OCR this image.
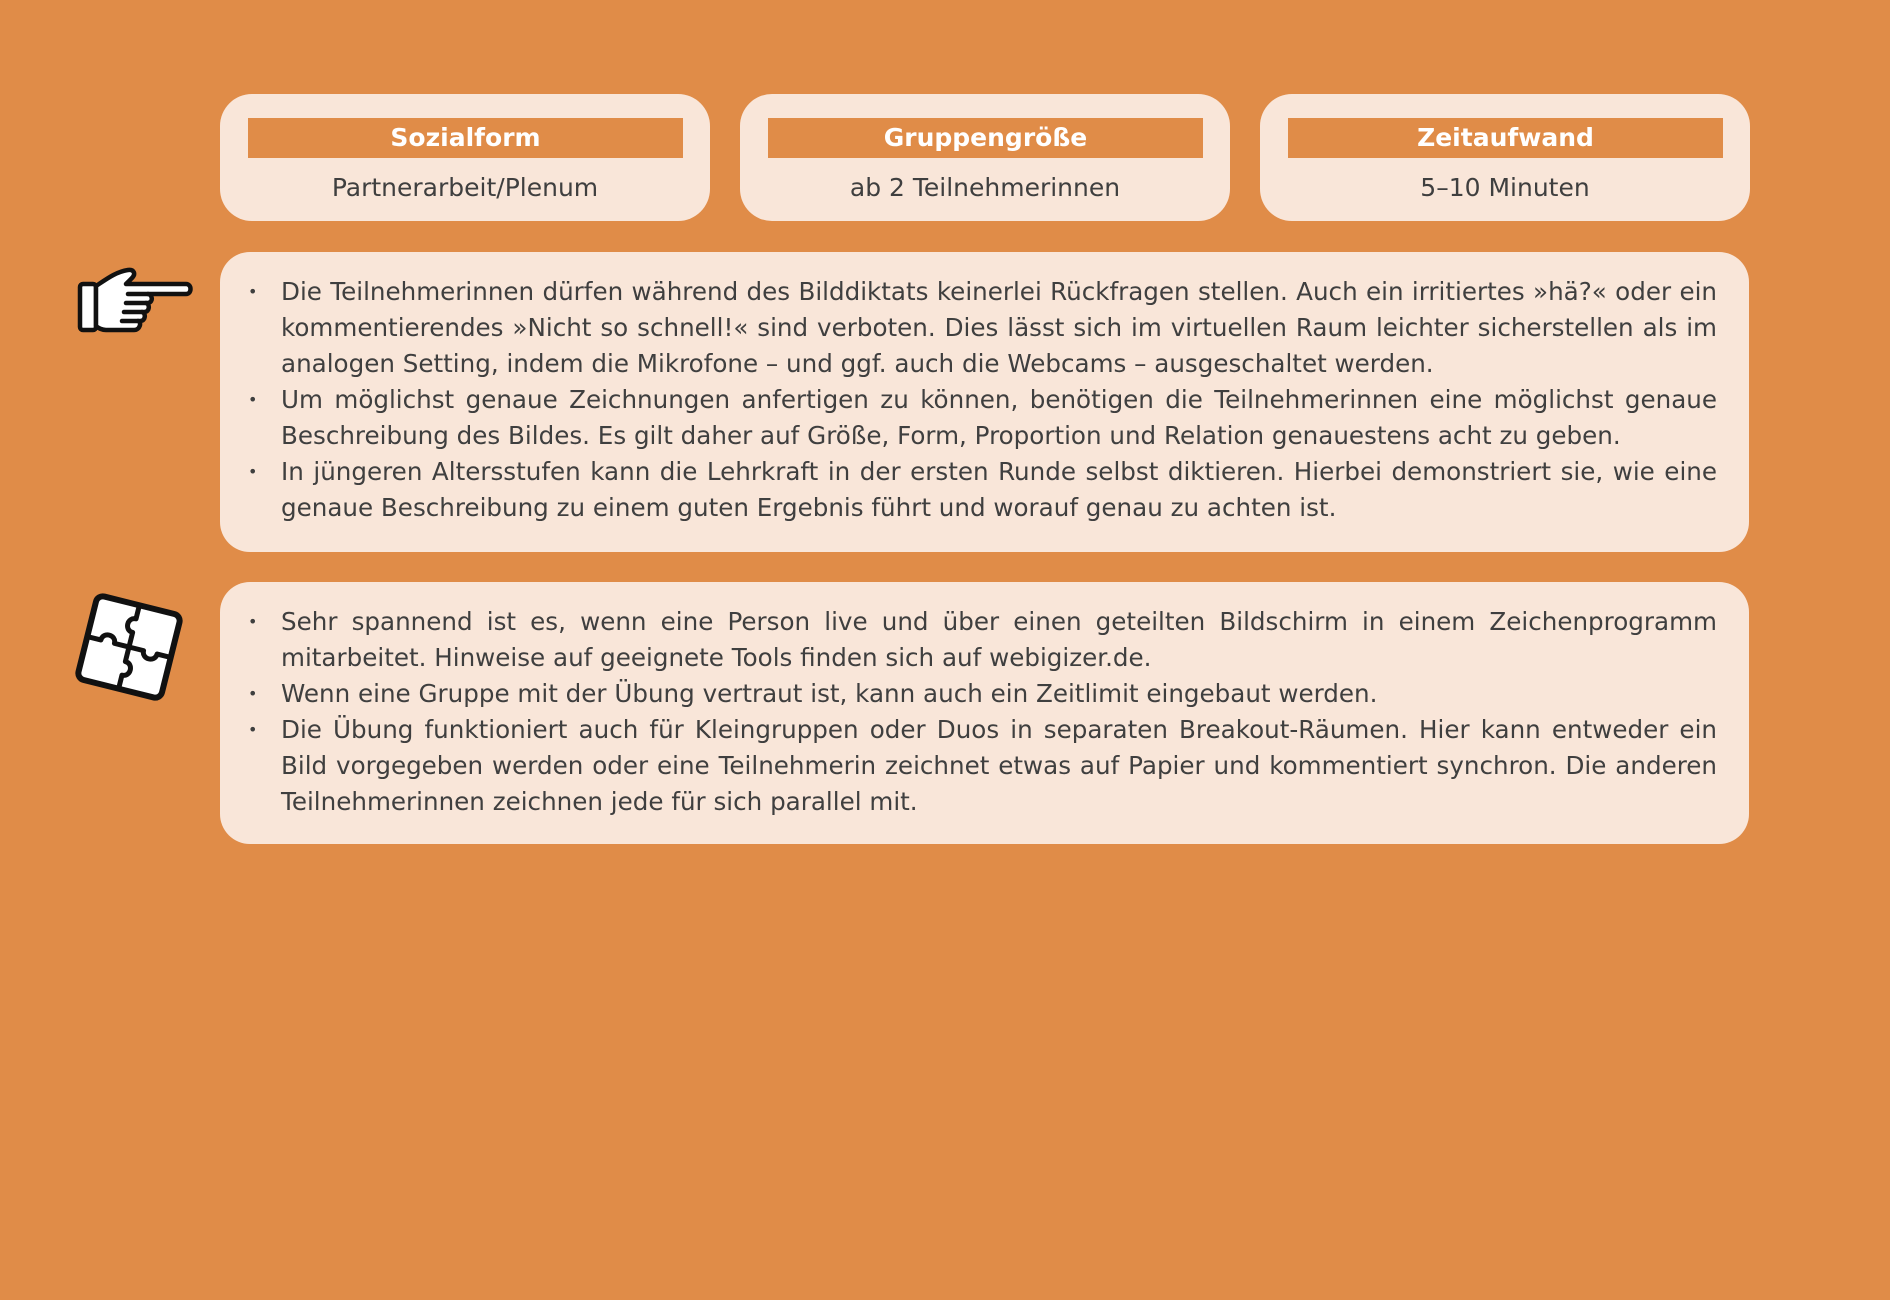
Sozialform
Partnerarbeit/Plenum
Gruppengröße
ab 2 Teilnehmerinnen
Zeitaufwand
5–10 Minuten
• Die Teilnehmerinnen dürfen während des Bilddiktats keinerlei Rückfragen stellen. Auch ein irritiertes »hä?« oder ein kommentierendes »Nicht so schnell!« sind verboten. Dies lässt sich im virtuellen Raum leichter sicherstellen als im analogen Setting, indem die Mikrofone – und ggf. auch die Webcams – ausgeschaltet werden.
• Um möglichst genaue Zeichnungen anfertigen zu können, benötigen die Teilnehmerinnen eine möglichst genaue Beschreibung des Bildes. Es gilt daher auf Größe, Form, Proportion und Relation genauestens acht zu geben.
• In jüngeren Altersstufen kann die Lehrkraft in der ersten Runde selbst diktieren. Hierbei demonstriert sie, wie eine genaue Beschreibung zu einem guten Ergebnis führt und worauf genau zu achten ist.
• Sehr spannend ist es, wenn eine Person live und über einen geteilten Bildschirm in einem Zeichenprogramm mitarbeitet. Hinweise auf geeignete Tools finden sich auf webigizer.de.
• Wenn eine Gruppe mit der Übung vertraut ist, kann auch ein Zeitlimit eingebaut werden.
• Die Übung funktioniert auch für Kleingruppen oder Duos in separaten Breakout-Räumen. Hier kann entweder ein Bild vorgegeben werden oder eine Teilnehmerin zeichnet etwas auf Papier und kommentiert synchron. Die anderen Teilnehmerinnen zeichnen jede für sich parallel mit.
